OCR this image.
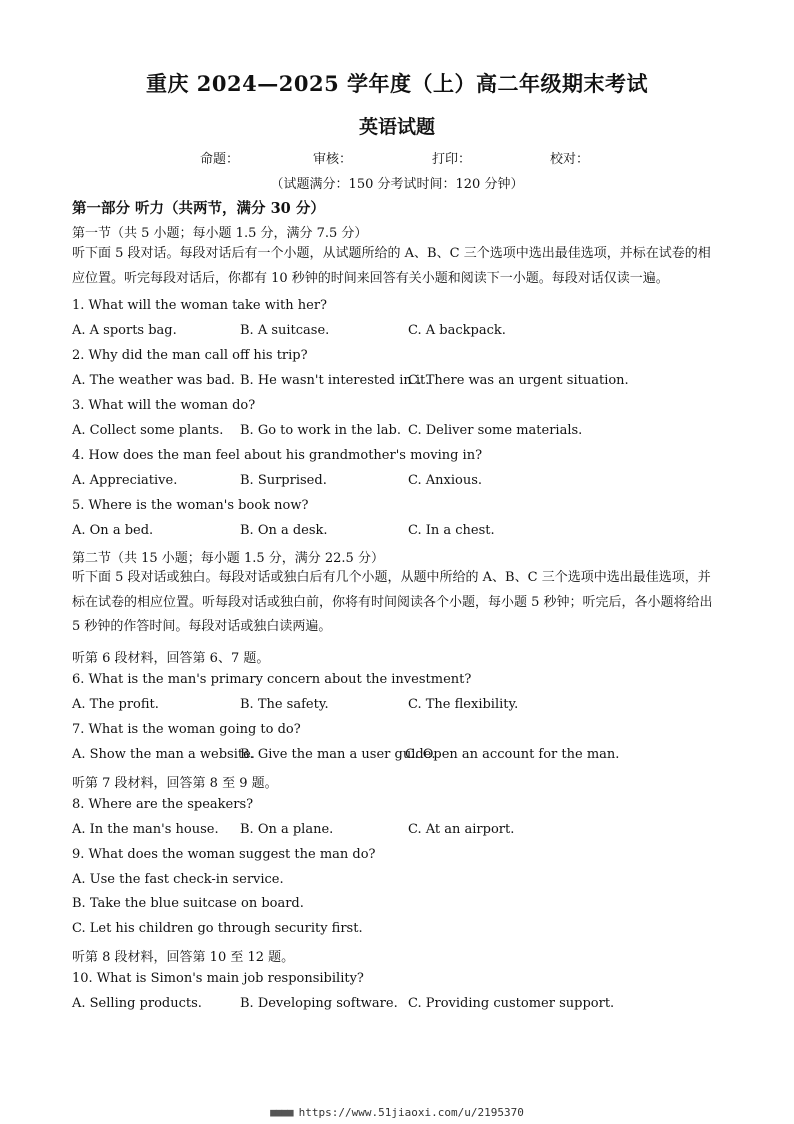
重庆 2024—2025 学年度（上）高二年级期末考试
英语试题
命题：	审核：	打印：	校对：
（试题满分：150 分考试时间：120 分钟）
第一部分 听力（共两节，满分 30 分）
第一节（共 5 小题；每小题 1.5 分，满分 7.5 分）
听下面 5 段对话。每段对话后有一个小题，从试题所给的 A、B、C 三个选项中选出最佳选项，并标在试卷的相应位置。听完每段对话后，你都有 10 秒钟的时间来回答有关小题和阅读下一小题。每段对话仅读一遍。
1. What will the woman take with her?
A. A sports bag.	B. A suitcase.	C. A backpack.
2. Why did the man call off his trip?
A. The weather was bad. B. He wasn't interested in it.
C. There was an urgent situation.
3. What will the woman do?
A. Collect some plants. B. Go to work in the lab. C. Deliver some materials.
4. How does the man feel about his grandmother's moving in?
A. Appreciative.	B. Surprised.	C. Anxious.
5. Where is the woman's book now?
A. On a bed.	B. On a desk.	C. In a chest.
第二节（共 15 小题；每小题 1.5 分，满分 22.5 分）
听下面 5 段对话或独白。每段对话或独白后有几个小题，从题中所给的 A、B、C 三个选项中选出最佳选项，并标在试卷的相应位置。听每段对话或独白前，你将有时间阅读各个小题，每小题 5 秒钟；听完后，各小题将给出 5 秒钟的作答时间。每段对话或独白读两遍。
听第 6 段材料，回答第 6、7 题。
6. What is the man's primary concern about the investment?
A. The profit.	B. The safety.	C. The flexibility.
7. What is the woman going to do?
A. Show the man a website.
B. Give the man a user guide.
C. Open an account for the man.
听第 7 段材料，回答第 8 至 9 题。
8. Where are the speakers?
A. In the man's house. B. On a plane.	C. At an airport.
9. What does the woman suggest the man do?
A. Use the fast check-in service.
B. Take the blue suitcase on board.
C. Let his children go through security first.
听第 8 段材料，回答第 10 至 12 题。
10. What is Simon's main job responsibility?
A. Selling products.	B. Developing software. C. Providing customer support.
■■■■ https://www.51jiaoxi.com/u/2195370
